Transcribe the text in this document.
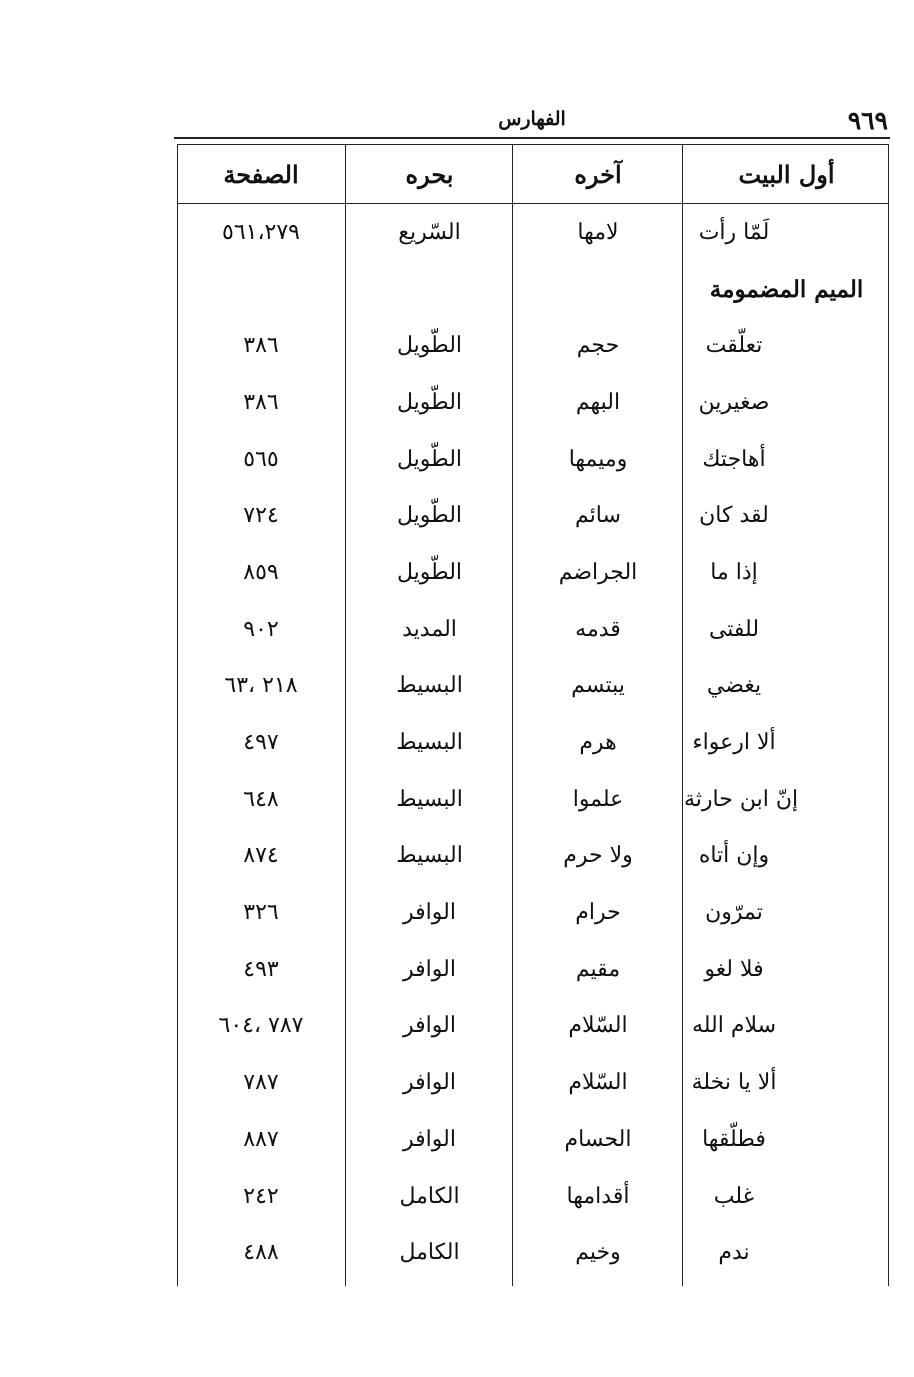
٩٦٩
الفهارس
أول البيت
آخره
بحره
الصفحة
لَمّا رأت
لامها
السّريع
٥٦١،٢٧٩
الميم المضمومة
تعلّقت
حجم
الطّويل
٣٨٦
صغيرين
البهم
الطّويل
٣٨٦
أهاجتك
وميمها
الطّويل
٥٦٥
لقد كان
سائم
الطّويل
٧٢٤
إذا ما
الجراضم
الطّويل
٨٥٩
للفتى
قدمه
المديد
٩٠٢
يغضي
يبتسم
البسيط
٢١٨ ،٦٣
ألا ارعواء
هرم
البسيط
٤٩٧
إنّ ابن حارثة
علموا
البسيط
٦٤٨
وإن أتاه
ولا حرم
البسيط
٨٧٤
تمرّون
حرام
الوافر
٣٢٦
فلا لغو
مقيم
الوافر
٤٩٣
سلام الله
السّلام
الوافر
٧٨٧ ،٦٠٤
ألا يا نخلة
السّلام
الوافر
٧٨٧
فطلّقها
الحسام
الوافر
٨٨٧
غلب
أقدامها
الكامل
٢٤٢
ندم
وخيم
الكامل
٤٨٨
